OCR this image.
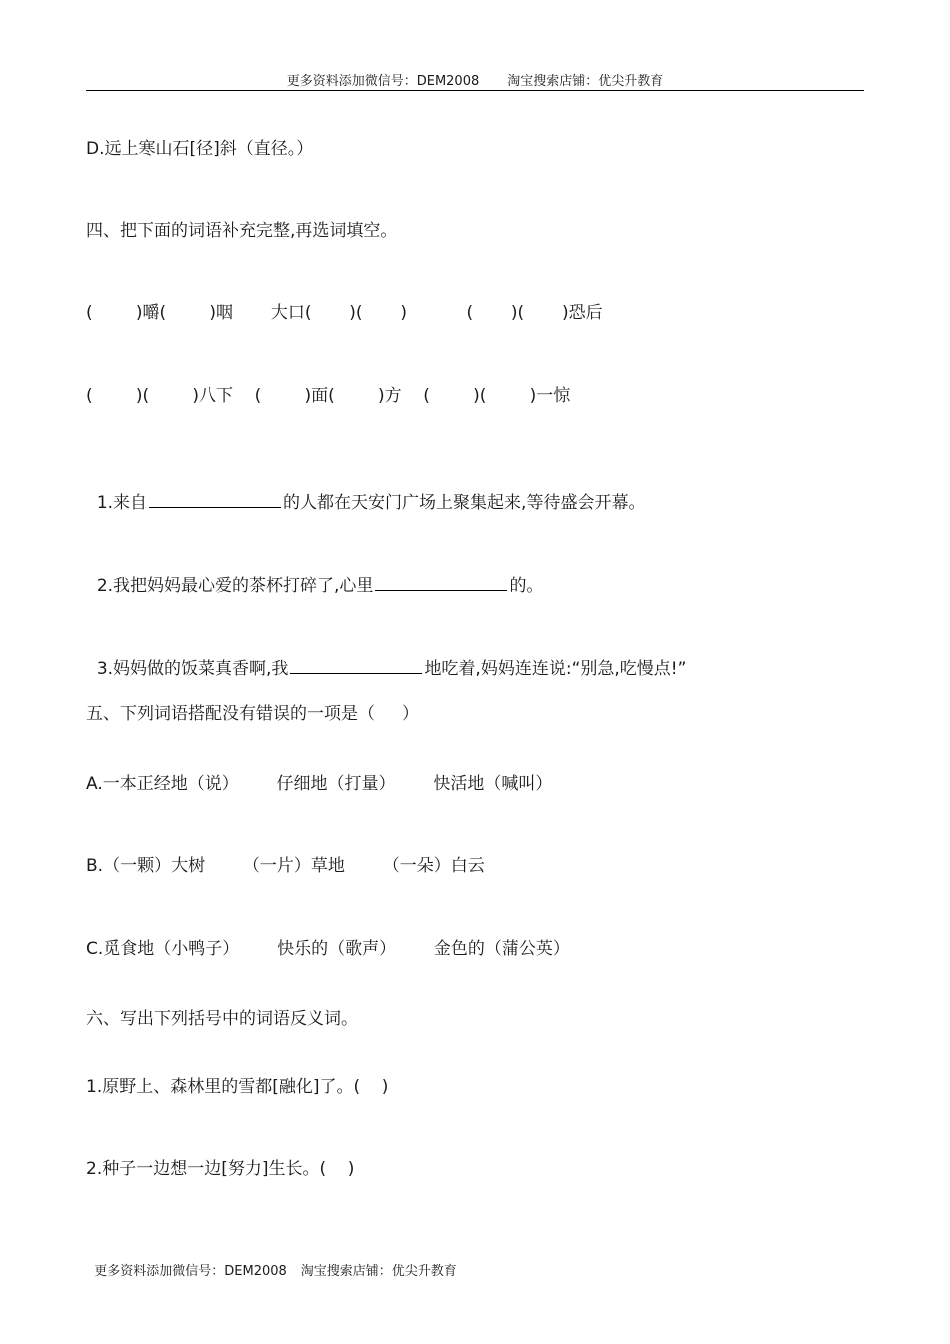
更多资料添加微信号：DEM2008 淘宝搜索店铺：优尖升教育
D.远上寒山石[径]斜（直径。）
四、把下面的词语补充完整,再选词填空。
(        )嚼(        )咽       大口(       )(       )           (       )(       )恐后
(        )(        )八下    (        )面(        )方    (        )(        )一惊

1.来自	的人都在天安门广场上聚集起来,等待盛会开幕。

2.我把妈妈最心爱的茶杯打碎了,心里	的。

3.妈妈做的饭菜真香啊,我	地吃着,妈妈连连说:“别急,吃慢点!”

五、下列词语搭配没有错误的一项是（     ）
A.一本正经地（说）       仔细地（打量）       快活地（喊叫）
B.（一颗）大树       （一片）草地       （一朵）白云
C.觅食地（小鸭子）       快乐的（歌声）       金色的（蒲公英）
六、写出下列括号中的词语反义词。
1.原野上、森林里的雪都[融化]了。(    )
2.种子一边想一边[努力]生长。(    )

更多资料添加微信号：DEM2008 淘宝搜索店铺：优尖升教育
